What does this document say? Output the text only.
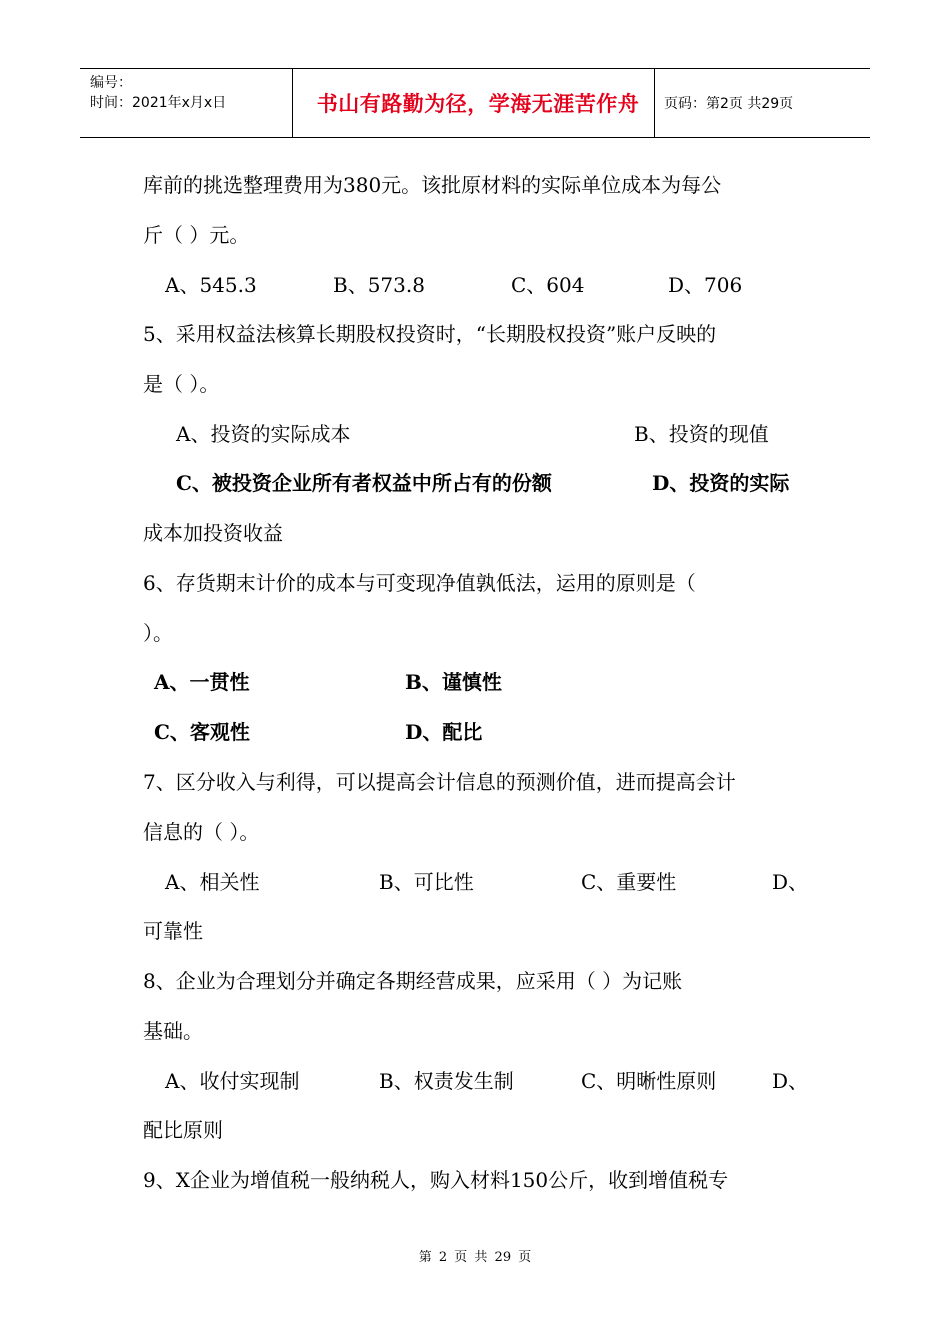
编号：
时间：2021年x月x日	书山有路勤为径，学海无涯苦作舟	页码：第2页 共29页
库前的挑选整理费用为380元。该批原材料的实际单位成本为每公
斤（ ）元。
A、545.3	B、573.8	C、604	D、706
5、采用权益法核算长期股权投资时，“长期股权投资”账户反映的
是（ ）。
A、投资的实际成本	B、投资的现值
C、被投资企业所有者权益中所占有的份额	D、投资的实际
成本加投资收益
6、存货期末计价的成本与可变现净值孰低法，运用的原则是（
）。
A、一贯性	B、谨慎性
C、客观性	D、配比
7、区分收入与利得，可以提高会计信息的预测价值，进而提高会计
信息的（ ）。
A、相关性	B、可比性	C、重要性	D、
可靠性
8、企业为合理划分并确定各期经营成果，应采用（ ）为记账
基础。
A、收付实现制	B、权责发生制	C、明晰性原则	D、
配比原则
9、X企业为增值税一般纳税人，购入材料150公斤，收到增值税专
第 2 页 共 29 页
